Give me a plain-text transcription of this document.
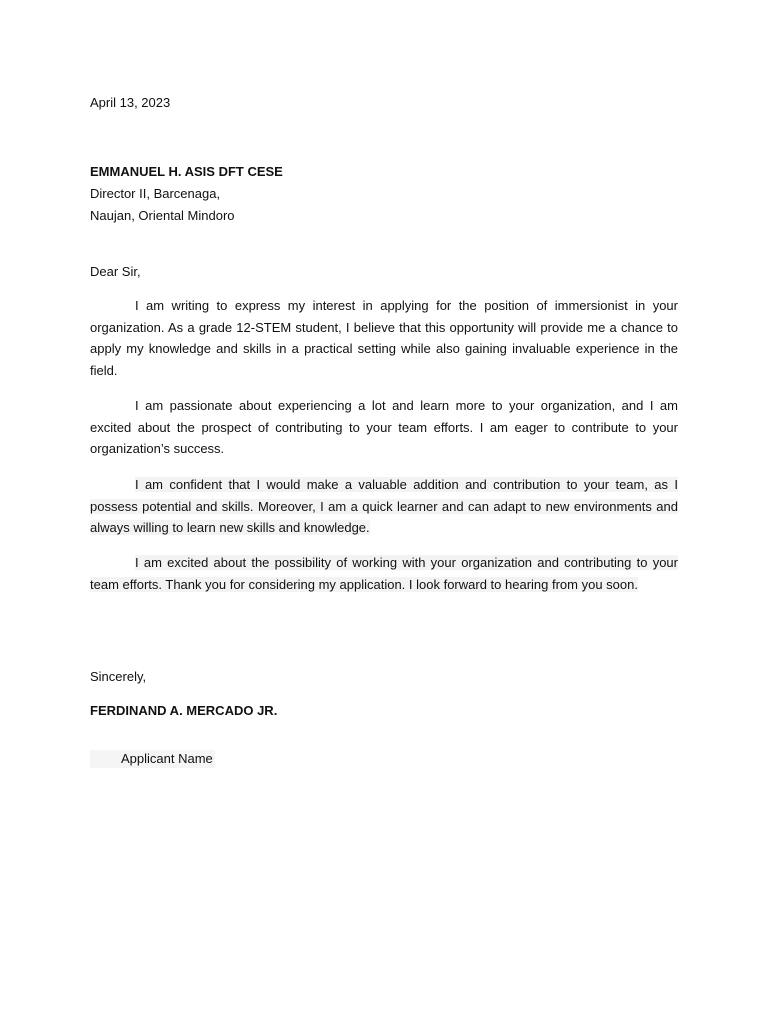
April 13, 2023

EMMANUEL H. ASIS DFT CESE

Director II, Barcenaga,

Naujan, Oriental Mindoro

Dear Sir,

I am writing to express my interest in applying for the position of immersionist in your organization. As a grade 12-STEM student, I believe that this opportunity will provide me a chance to apply my knowledge and skills in a practical setting while also gaining invaluable experience in the field.

I am passionate about experiencing a lot and learn more to your organization, and I am excited about the prospect of contributing to your team efforts. I am eager to contribute to your organization’s success.

I am confident that I would make a valuable addition and contribution to your team, as I possess potential and skills. Moreover, I am a quick learner and can adapt to new environments and always willing to learn new skills and knowledge.

I am excited about the possibility of working with your organization and contributing to your team efforts. Thank you for considering my application. I look forward to hearing from you soon.

Sincerely,

FERDINAND A. MERCADO JR.

Applicant Name
